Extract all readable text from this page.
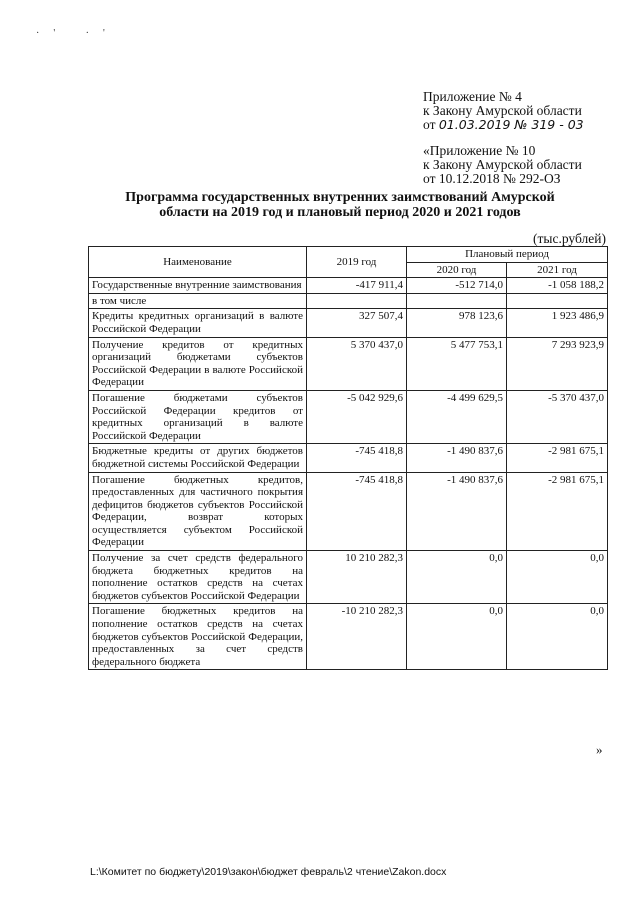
·' ·'
Приложение № 4
к Закону Амурской области
от 01.03.2019 № 319 - 03
«Приложение № 10
к Закону Амурской области
от 10.12.2018 № 292-ОЗ
Программа государственных внутренних заимствований Амурской
области на 2019 год и плановый период 2020 и 2021 годов
(тыс.рублей)
Наименование	2019 год	Плановый период	
		2020 год	2021 год
Государственные внутренние заимствования	-417 911,4	-512 714,0	-1 058 188,2
в том числе			
Кредиты кредитных организаций в валюте Российской Федерации	327 507,4	978 123,6	1 923 486,9
Получение кредитов от кредитных организаций бюджетами субъектов Российской Федерации в валюте Российской Федерации	5 370 437,0	5 477 753,1	7 293 923,9
Погашение бюджетами субъектов Российской Федерации кредитов от кредитных организаций в валюте Российской Федерации	-5 042 929,6	-4 499 629,5	-5 370 437,0
Бюджетные кредиты от других бюджетов бюджетной системы Российской Федерации	-745 418,8	-1 490 837,6	-2 981 675,1
Погашение бюджетных кредитов, предоставленных для частичного покрытия дефицитов бюджетов субъектов Российской Федерации, возврат которых осуществляется субъектом Российской Федерации	-745 418,8	-1 490 837,6	-2 981 675,1
Получение за счет средств федерального бюджета бюджетных кредитов на пополнение остатков средств на счетах бюджетов субъектов Российской Федерации	10 210 282,3	0,0	0,0
Погашение бюджетных кредитов на пополнение остатков средств на счетах бюджетов субъектов Российской Федерации, предоставленных за счет средств федерального бюджета	-10 210 282,3	0,0	0,0
»
L:\Комитет по бюджету\2019\закон\бюджет февраль\2 чтение\Zakon.docx
